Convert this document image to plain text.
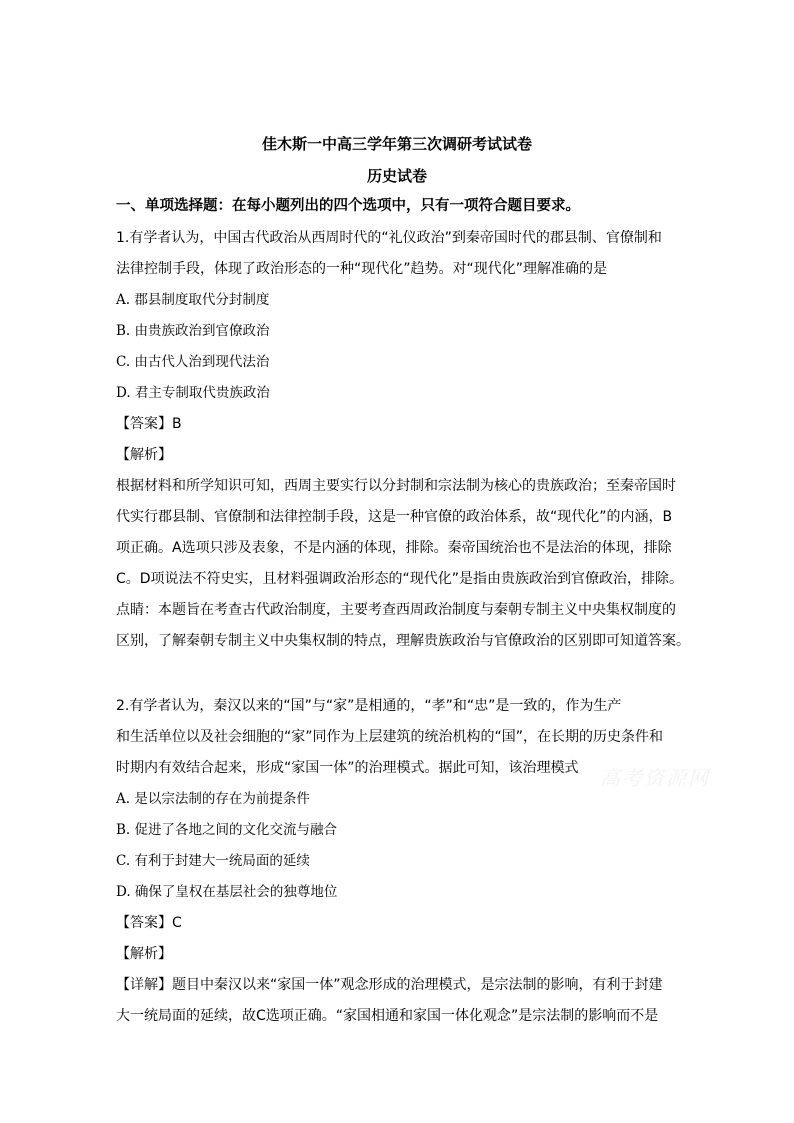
佳木斯一中高三学年第三次调研考试试卷
历史试卷
一、单项选择题：在每小题列出的四个选项中，只有一项符合题目要求。
1.有学者认为，中国古代政治从西周时代的“礼仪政治”到秦帝国时代的郡县制、官僚制和
法律控制手段，体现了政治形态的一种“现代化”趋势。对“现代化”理解准确的是
A. 郡县制度取代分封制度
B. 由贵族政治到官僚政治
C. 由古代人治到现代法治
D. 君主专制取代贵族政治
【答案】B
【解析】
根据材料和所学知识可知，西周主要实行以分封制和宗法制为核心的贵族政治；至秦帝国时
代实行郡县制、官僚制和法律控制手段，这是一种官僚的政治体系，故“现代化”的内涵，B
项正确。A选项只涉及表象，不是内涵的体现，排除。秦帝国统治也不是法治的体现，排除
C。D项说法不符史实，且材料强调政治形态的“现代化”是指由贵族政治到官僚政治，排除。
点睛：本题旨在考查古代政治制度，主要考查西周政治制度与秦朝专制主义中央集权制度的
区别，了解秦朝专制主义中央集权制的特点，理解贵族政治与官僚政治的区别即可知道答案。
2.有学者认为，秦汉以来的“国”与“家”是相通的，“孝”和“忠”是一致的，作为生产
和生活单位以及社会细胞的“家”同作为上层建筑的统治机构的“国”，在长期的历史条件和
时期内有效结合起来，形成“家国一体”的治理模式。据此可知，该治理模式
A. 是以宗法制的存在为前提条件
B. 促进了各地之间的文化交流与融合
C. 有利于封建大一统局面的延续
D. 确保了皇权在基层社会的独尊地位
【答案】C
【解析】
【详解】题目中秦汉以来“家国一体”观念形成的治理模式，是宗法制的影响，有利于封建
大一统局面的延续，故C选项正确。“家国相通和家国一体化观念”是宗法制的影响而不是
高考资源网
